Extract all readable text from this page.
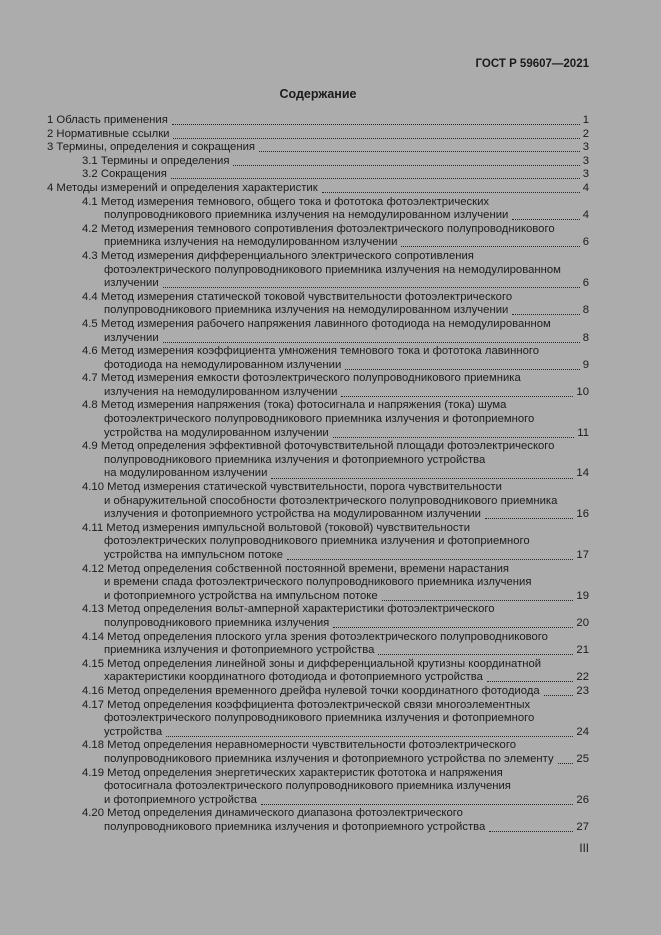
ГОСТ Р 59607—2021
Содержание
1 Область применения	1
2 Нормативные ссылки	2
3 Термины, определения и сокращения	3
3.1 Термины и определения	3
3.2 Сокращения	3
4 Методы измерений и определения характеристик	4
4.1 Метод измерения темнового, общего тока и фототока фотоэлектрических
полупроводникового приемника излучения на немодулированном излучении	4
4.2 Метод измерения темнового сопротивления фотоэлектрического полупроводникового
приемника излучения на немодулированном излучении	6
4.3 Метод измерения дифференциального электрического сопротивления
фотоэлектрического полупроводникового приемника излучения на немодулированном
излучении	6
4.4 Метод измерения статической токовой чувствительности фотоэлектрического
полупроводникового приемника излучения на немодулированном излучении	8
4.5 Метод измерения рабочего напряжения лавинного фотодиода на немодулированном
излучении	8
4.6 Метод измерения коэффициента умножения темнового тока и фототока лавинного
фотодиода на немодулированном излучении	9
4.7 Метод измерения емкости фотоэлектрического полупроводникового приемника
излучения на немодулированном излучении	10
4.8 Метод измерения напряжения (тока) фотосигнала и напряжения (тока) шума
фотоэлектрического полупроводникового приемника излучения и фотоприемного
устройства на модулированном излучении	11
4.9 Метод определения эффективной фоточувствительной площади фотоэлектрического
полупроводникового приемника излучения и фотоприемного устройства
на модулированном излучении	14
4.10 Метод измерения статической чувствительности, порога чувствительности
и обнаружительной способности фотоэлектрического полупроводникового приемника
излучения и фотоприемного устройства на модулированном излучении	16
4.11 Метод измерения импульсной вольтовой (токовой) чувствительности
фотоэлектрических полупроводникового приемника излучения и фотоприемного
устройства на импульсном потоке	17
4.12 Метод определения собственной постоянной времени, времени нарастания
и времени спада фотоэлектрического полупроводникового приемника излучения
и фотоприемного устройства на импульсном потоке	19
4.13 Метод определения вольт-амперной характеристики фотоэлектрического
полупроводникового приемника излучения	20
4.14 Метод определения плоского угла зрения фотоэлектрического полупроводникового
приемника излучения и фотоприемного устройства	21
4.15 Метод определения линейной зоны и дифференциальной крутизны координатной
характеристики координатного фотодиода и фотоприемного устройства	22
4.16 Метод определения временного дрейфа нулевой точки координатного фотодиода	23
4.17 Метод определения коэффициента фотоэлектрической связи многоэлементных
фотоэлектрического полупроводникового приемника излучения и фотоприемного
устройства	24
4.18 Метод определения неравномерности чувствительности фотоэлектрического
полупроводникового приемника излучения и фотоприемного устройства по элементу 25
4.19 Метод определения энергетических характеристик фототока и напряжения
фотосигнала фотоэлектрического полупроводникового приемника излучения
и фотоприемного устройства	26
4.20 Метод определения динамического диапазона фотоэлектрического
полупроводникового приемника излучения и фотоприемного устройства	27
III
